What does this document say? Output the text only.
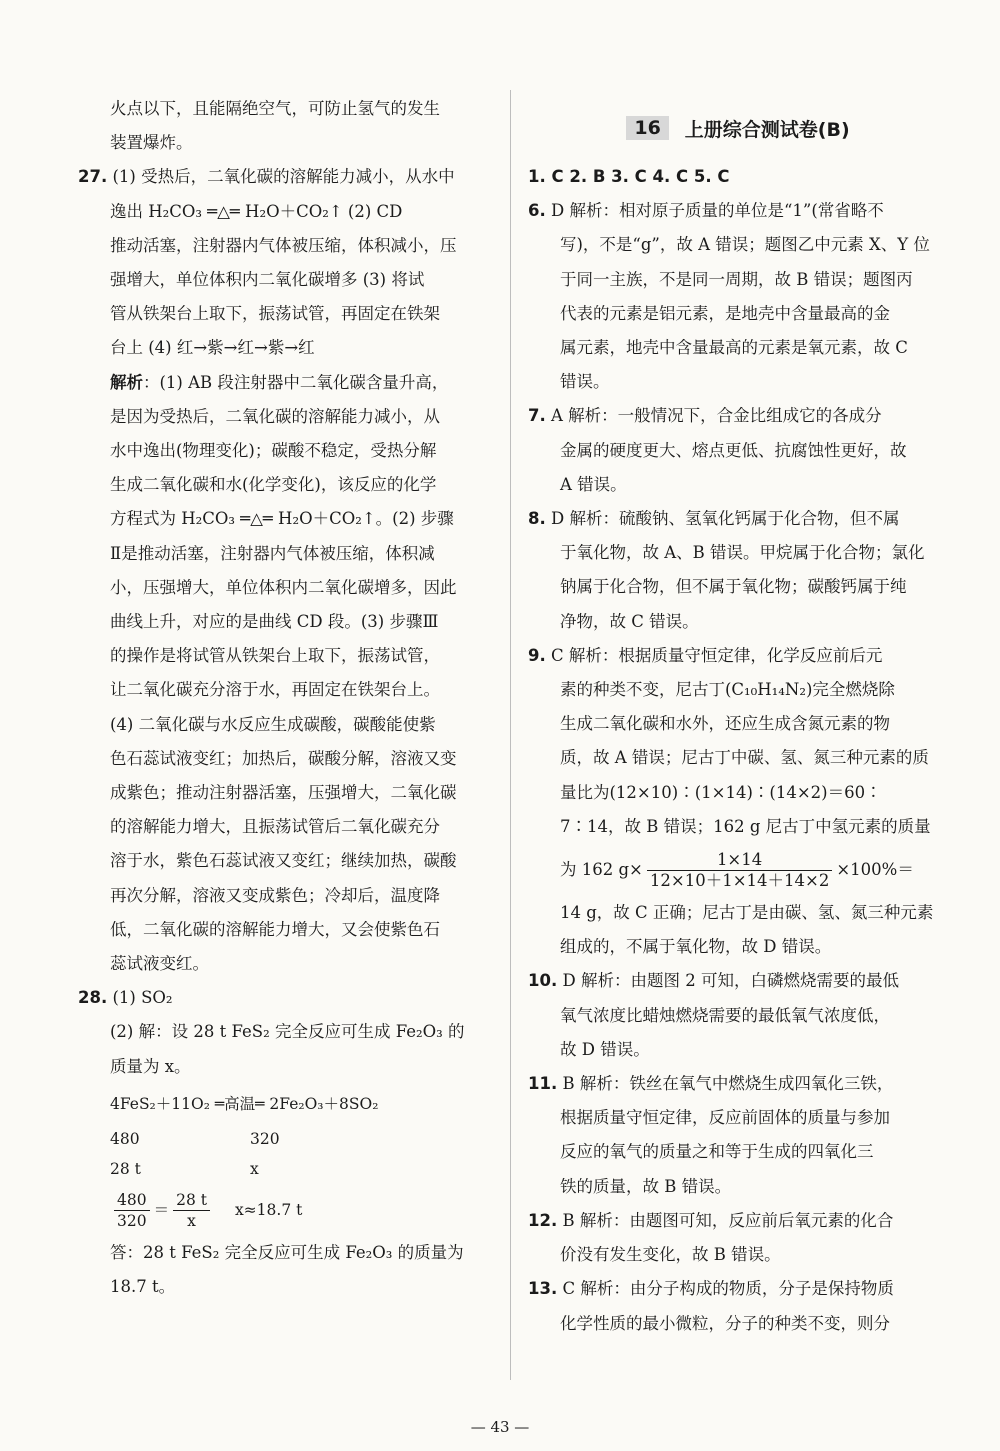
火点以下，且能隔绝空气，可防止氢气的发生

装置爆炸。

27. (1) 受热后，二氧化碳的溶解能力减小，从水中

逸出 H₂CO₃ ═△═ H₂O＋CO₂↑ (2) CD

推动活塞，注射器内气体被压缩，体积减小，压

强增大，单位体积内二氧化碳增多 (3) 将试

管从铁架台上取下，振荡试管，再固定在铁架

台上 (4) 红→紫→红→紫→红

解析：(1) AB 段注射器中二氧化碳含量升高，

是因为受热后，二氧化碳的溶解能力减小，从

水中逸出(物理变化)；碳酸不稳定，受热分解

生成二氧化碳和水(化学变化)，该反应的化学

方程式为 H₂CO₃ ═△═ H₂O＋CO₂↑。(2) 步骤

Ⅱ是推动活塞，注射器内气体被压缩，体积减

小，压强增大，单位体积内二氧化碳增多，因此

曲线上升，对应的是曲线 CD 段。(3) 步骤Ⅲ

的操作是将试管从铁架台上取下，振荡试管，

让二氧化碳充分溶于水，再固定在铁架台上。

(4) 二氧化碳与水反应生成碳酸，碳酸能使紫

色石蕊试液变红；加热后，碳酸分解，溶液又变

成紫色；推动注射器活塞，压强增大，二氧化碳

的溶解能力增大，且振荡试管后二氧化碳充分

溶于水，紫色石蕊试液又变红；继续加热，碳酸

再次分解，溶液又变成紫色；冷却后，温度降

低，二氧化碳的溶解能力增大，又会使紫色石

蕊试液变红。

28. (1) SO₂

(2) 解：设 28 t FeS₂ 完全反应可生成 Fe₂O₃ 的

质量为 x。

4FeS₂＋11O₂ ═高温═ 2Fe₂O₃＋8SO₂

480	320

28 t	x

$\frac{480}{320} = \frac{28 t}{x} x\approx 18.7$ t

答：28 t FeS₂ 完全反应可生成 Fe₂O₃ 的质量为

18.7 t。

16	上册综合测试卷(B)

1. C 2. B 3. C 4. C 5. C

6. D 解析：相对原子质量的单位是“1”(常省略不

写)，不是“g”，故 A 错误；题图乙中元素 X、Y 位

于同一主族，不是同一周期，故 B 错误；题图丙

代表的元素是铝元素，是地壳中含量最高的金

属元素，地壳中含量最高的元素是氧元素，故 C

错误。

7. A 解析：一般情况下，合金比组成它的各成分

金属的硬度更大、熔点更低、抗腐蚀性更好，故

A 错误。

8. D 解析：硫酸钠、氢氧化钙属于化合物，但不属

于氧化物，故 A、B 错误。甲烷属于化合物；氯化

钠属于化合物，但不属于氧化物；碳酸钙属于纯

净物，故 C 错误。

9. C 解析：根据质量守恒定律，化学反应前后元

素的种类不变，尼古丁(C₁₀H₁₄N₂)完全燃烧除

生成二氧化碳和水外，还应生成含氮元素的物

质，故 A 错误；尼古丁中碳、氢、氮三种元素的质

量比为(12×10)∶(1×14)∶(14×2)＝60∶

7∶14，故 B 错误；162 g 尼古丁中氢元素的质量

为 162 $g\times \frac{1\times 14}{12\times 10+1\times 14+14\times 2} \times 100\%=$

14 g，故 C 正确；尼古丁是由碳、氢、氮三种元素

组成的，不属于氧化物，故 D 错误。

10. D 解析：由题图 2 可知，白磷燃烧需要的最低

氧气浓度比蜡烛燃烧需要的最低氧气浓度低，

故 D 错误。

11. B 解析：铁丝在氧气中燃烧生成四氧化三铁，

根据质量守恒定律，反应前固体的质量与参加

反应的氧气的质量之和等于生成的四氧化三

铁的质量，故 B 错误。

12. B 解析：由题图可知，反应前后氧元素的化合

价没有发生变化，故 B 错误。

13. C 解析：由分子构成的物质，分子是保持物质

化学性质的最小微粒，分子的种类不变，则分

— 43 —
